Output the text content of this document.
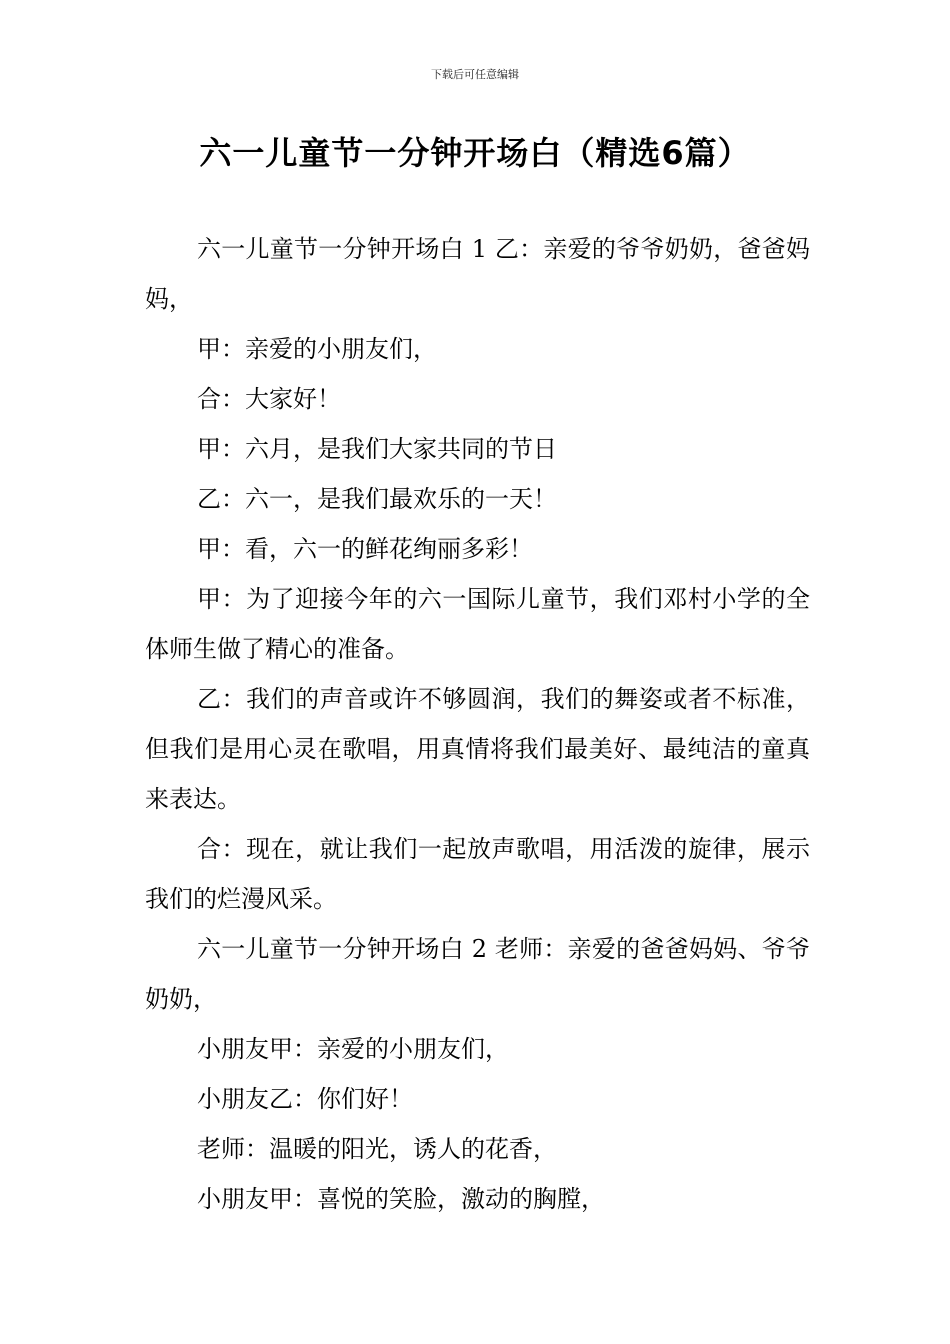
下载后可任意编辑
六一儿童节一分钟开场白（精选6篇）

六一儿童节一分钟开场白 1 乙：亲爱的爷爷奶奶，爸爸妈妈，

甲：亲爱的小朋友们，

合：大家好！

甲：六月，是我们大家共同的节日

乙：六一，是我们最欢乐的一天！

甲：看，六一的鲜花绚丽多彩！

甲：为了迎接今年的六一国际儿童节，我们邓村小学的全体师生做了精心的准备。

乙：我们的声音或许不够圆润，我们的舞姿或者不标准，但我们是用心灵在歌唱，用真情将我们最美好、最纯洁的童真来表达。

合：现在，就让我们一起放声歌唱，用活泼的旋律，展示我们的烂漫风采。

六一儿童节一分钟开场白 2 老师：亲爱的爸爸妈妈、爷爷奶奶，

小朋友甲：亲爱的小朋友们，

小朋友乙：你们好！

老师：温暖的阳光，诱人的花香，

小朋友甲：喜悦的笑脸，激动的胸膛，
